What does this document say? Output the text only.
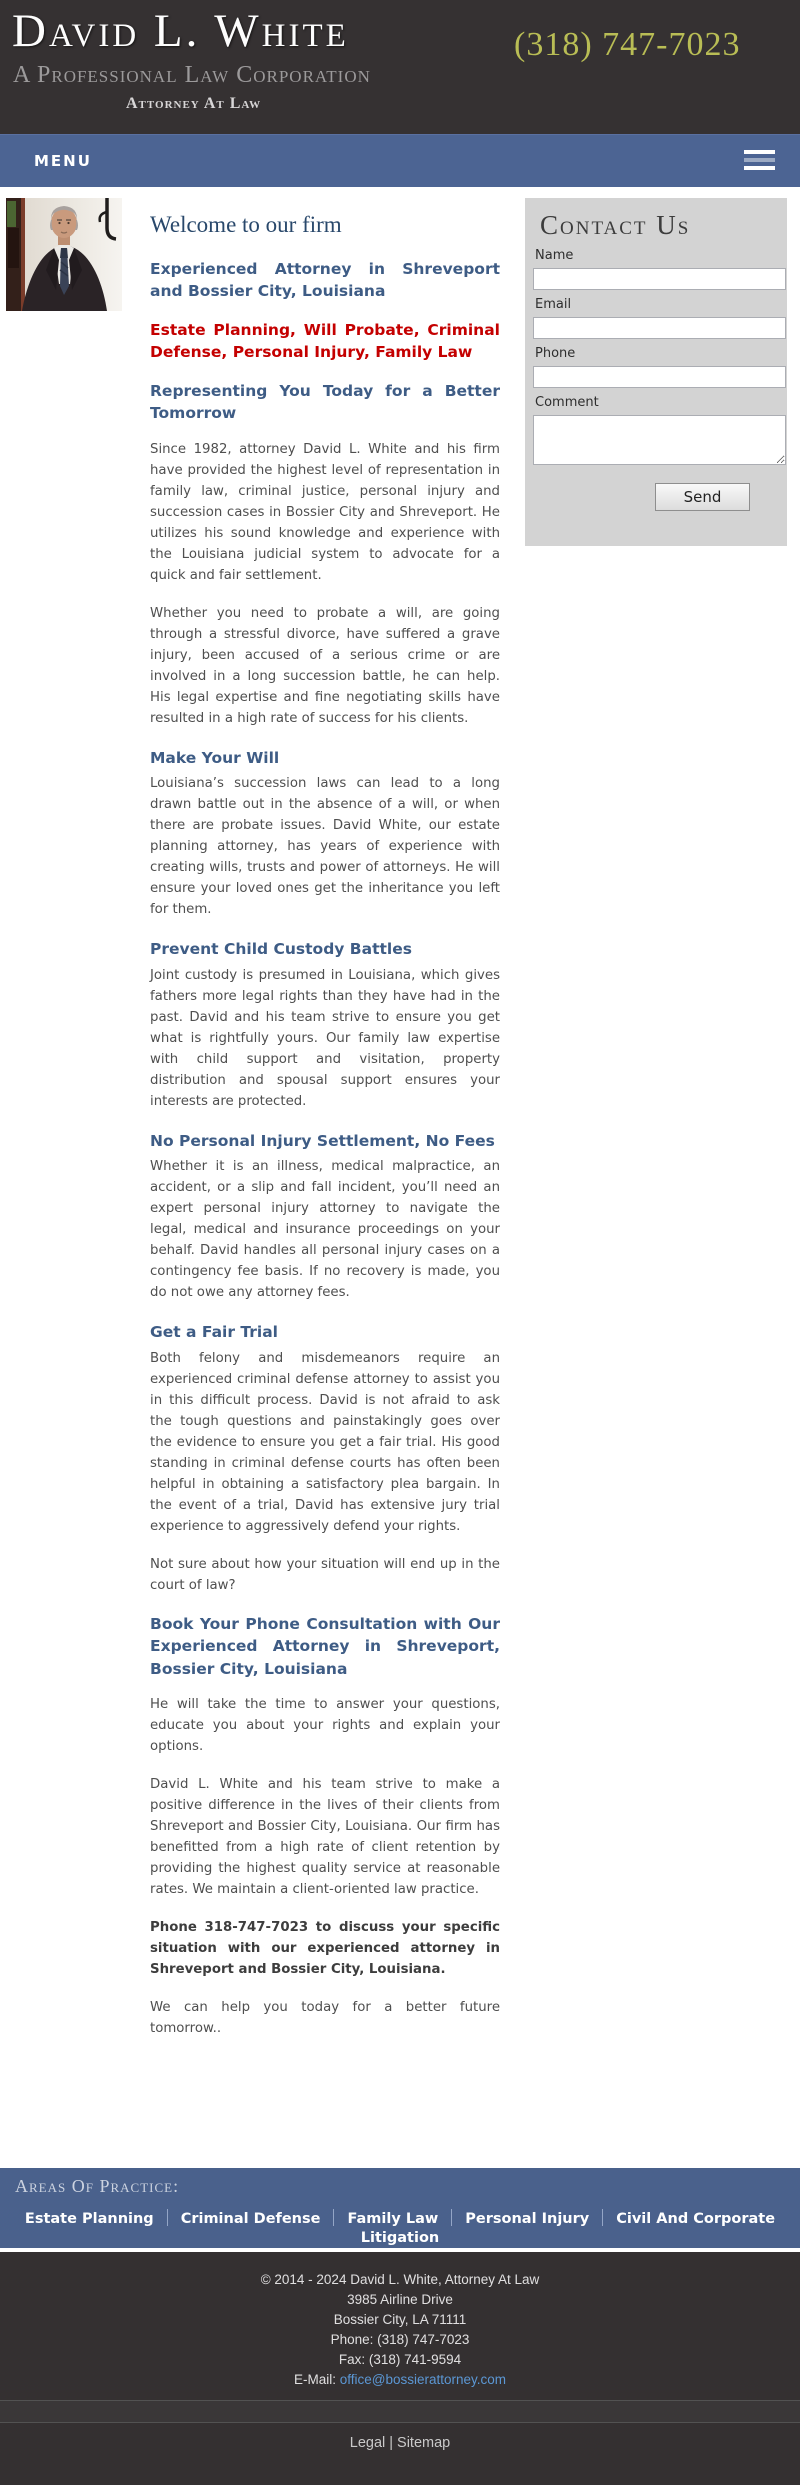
David L. White
A Professional Law Corporation
Attorney At Law
(318) 747-7023
MENU
Welcome to our firm
Experienced Attorney in Shreveport and Bossier City, Louisiana
Estate Planning, Will Probate, Criminal Defense, Personal Injury, Family Law
Representing You Today for a Better Tomorrow

Since 1982, attorney David L. White and his firm have provided the highest level of representation in family law, criminal justice, personal injury and succession cases in Bossier City and Shreveport. He utilizes his sound knowledge and experience with the Louisiana judicial system to advocate for a quick and fair settlement.

Whether you need to probate a will, are going through a stressful divorce, have suffered a grave injury, been accused of a serious crime or are involved in a long succession battle, he can help. His legal expertise and fine negotiating skills have resulted in a high rate of success for his clients.

Make Your Will

Louisiana’s succession laws can lead to a long drawn battle out in the absence of a will, or when there are probate issues. David White, our estate planning attorney, has years of experience with creating wills, trusts and power of attorneys. He will ensure your loved ones get the inheritance you left for them.

Prevent Child Custody Battles

Joint custody is presumed in Louisiana, which gives fathers more legal rights than they have had in the past. David and his team strive to ensure you get what is rightfully yours. Our family law expertise with child support and visitation, property distribution and spousal support ensures your interests are protected.

No Personal Injury Settlement, No Fees

Whether it is an illness, medical malpractice, an accident, or a slip and fall incident, you’ll need an expert personal injury attorney to navigate the legal, medical and insurance proceedings on your behalf. David handles all personal injury cases on a contingency fee basis. If no recovery is made, you do not owe any attorney fees.

Get a Fair Trial

Both felony and misdemeanors require an experienced criminal defense attorney to assist you in this difficult process. David is not afraid to ask the tough questions and painstakingly goes over the evidence to ensure you get a fair trial. His good standing in criminal defense courts has often been helpful in obtaining a satisfactory plea bargain. In the event of a trial, David has extensive jury trial experience to aggressively defend your rights.

Not sure about how your situation will end up in the court of law?

Book Your Phone Consultation with Our Experienced Attorney in Shreveport, Bossier City, Louisiana

He will take the time to answer your questions, educate you about your rights and explain your options.

David L. White and his team strive to make a positive difference in the lives of their clients from Shreveport and Bossier City, Louisiana. Our firm has benefitted from a high rate of client retention by providing the highest quality service at reasonable rates. We maintain a client-oriented law practice.

Phone 318-747-7023 to discuss your specific situation with our experienced attorney in Shreveport and Bossier City, Louisiana.

We can help you today for a better future tomorrow..

Contact Us
Name
Email
Phone
Comment
Send
Areas Of Practice:
Estate Planning Criminal Defense Family Law Personal Injury Civil And Corporate Litigation
© 2014 - 2024 David L. White, Attorney At Law
3985 Airline Drive
Bossier City, LA 71111
Phone: (318) 747-7023
Fax: (318) 741-9594
E-Mail: office@bossierattorney.com
Legal | Sitemap
